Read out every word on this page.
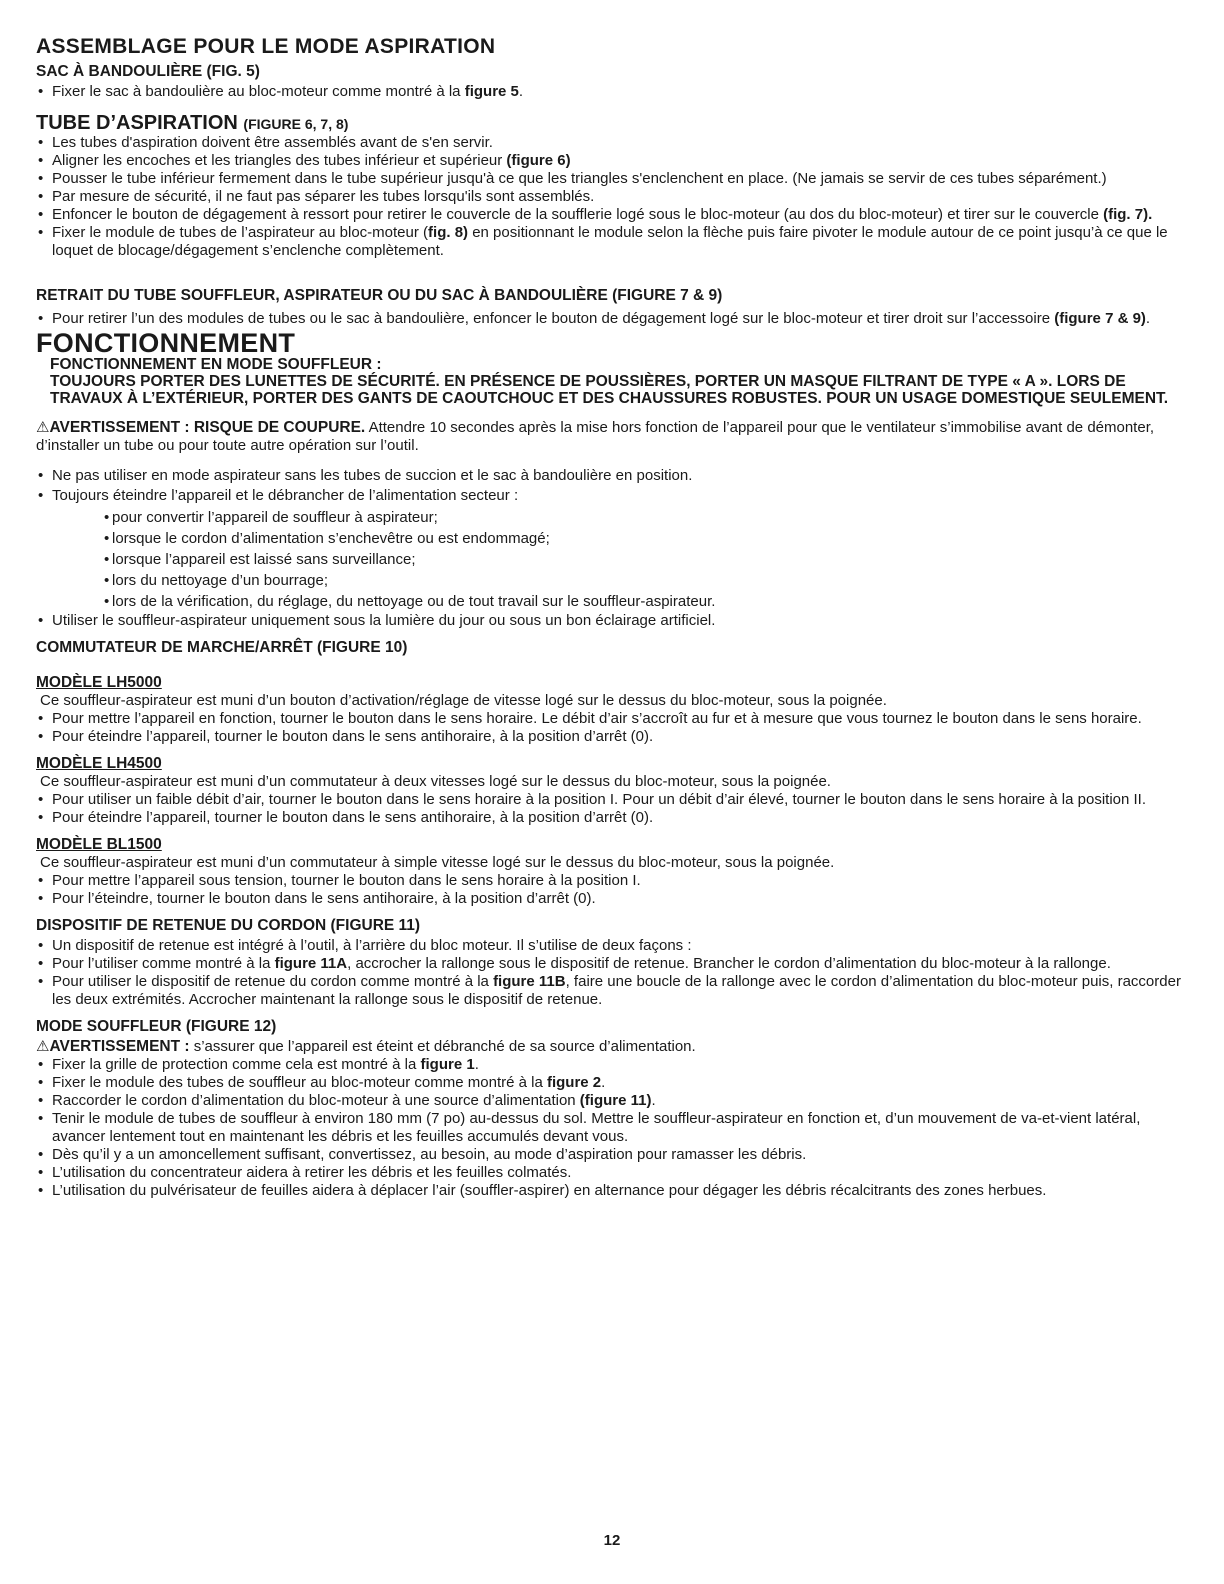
ASSEMBLAGE POUR LE MODE ASPIRATION
SAC À BANDOULIÈRE (FIG. 5)
• Fixer le sac à bandoulière au bloc-moteur comme montré à la figure 5.
TUBE D’ASPIRATION (FIGURE 6, 7, 8)
• Les tubes d'aspiration doivent être assemblés avant de s'en servir.
• Aligner les encoches et les triangles des tubes inférieur et supérieur (figure 6)
• Pousser le tube inférieur fermement dans le tube supérieur jusqu'à ce que les triangles s'enclenchent en place. (Ne jamais se servir de ces tubes séparément.)
• Par mesure de sécurité, il ne faut pas séparer les tubes lorsqu'ils sont assemblés.
• Enfoncer le bouton de dégagement à ressort pour retirer le couvercle de la soufflerie logé sous le bloc-moteur (au dos du bloc-moteur) et tirer sur le couvercle (fig. 7).
• Fixer le module de tubes de l’aspirateur au bloc-moteur (fig. 8) en positionnant le module selon la flèche puis faire pivoter le module autour de ce point jusqu’à ce que le loquet de blocage/dégagement s’enclenche complètement.
RETRAIT DU TUBE SOUFFLEUR, ASPIRATEUR OU DU SAC À BANDOULIÈRE (FIGURE 7 & 9)
• Pour retirer l’un des modules de tubes ou le sac à bandoulière, enfoncer le bouton de dégagement logé sur le bloc-moteur et tirer droit sur l’accessoire (figure 7 & 9).
FONCTIONNEMENT
FONCTIONNEMENT EN MODE SOUFFLEUR :
TOUJOURS PORTER DES LUNETTES DE SÉCURITÉ. EN PRÉSENCE DE POUSSIÈRES, PORTER UN MASQUE FILTRANT DE TYPE « A ». LORS DE TRAVAUX À L’EXTÉRIEUR, PORTER DES GANTS DE CAOUTCHOUC ET DES CHAUSSURES ROBUSTES. POUR UN USAGE DOMESTIQUE SEULEMENT.
⚠AVERTISSEMENT : RISQUE DE COUPURE. Attendre 10 secondes après la mise hors fonction de l’appareil pour que le ventilateur s’immobilise avant de démonter, d’installer un tube ou pour toute autre opération sur l’outil.
• Ne pas utiliser en mode aspirateur sans les tubes de succion et le sac à bandoulière en position.
• Toujours éteindre l’appareil et le débrancher de l’alimentation secteur :
• pour convertir l’appareil de souffleur à aspirateur;
• lorsque le cordon d’alimentation s’enchevêtre ou est endommagé;
• lorsque l’appareil est laissé sans surveillance;
• lors du nettoyage d’un bourrage;
• lors de la vérification, du réglage, du nettoyage ou de tout travail sur le souffleur-aspirateur.
• Utiliser le souffleur-aspirateur uniquement sous la lumière du jour ou sous un bon éclairage artificiel.
COMMUTATEUR DE MARCHE/ARRÊT (FIGURE 10)
MODÈLE LH5000

Ce souffleur-aspirateur est muni d’un bouton d’activation/réglage de vitesse logé sur le dessus du bloc-moteur, sous la poignée.

• Pour mettre l’appareil en fonction, tourner le bouton dans le sens horaire. Le débit d’air s’accroît au fur et à mesure que vous tournez le bouton dans le sens horaire.
• Pour éteindre l’appareil, tourner le bouton dans le sens antihoraire, à la position d’arrêt (0).
MODÈLE LH4500

Ce souffleur-aspirateur est muni d’un commutateur à deux vitesses logé sur le dessus du bloc-moteur, sous la poignée.

• Pour utiliser un faible débit d’air, tourner le bouton dans le sens horaire à la position I. Pour un débit d’air élevé, tourner le bouton dans le sens horaire à la position II.
• Pour éteindre l’appareil, tourner le bouton dans le sens antihoraire, à la position d’arrêt (0).
MODÈLE BL1500

Ce souffleur-aspirateur est muni d’un commutateur à simple vitesse logé sur le dessus du bloc-moteur, sous la poignée.

• Pour mettre l’appareil sous tension, tourner le bouton dans le sens horaire à la position I.
• Pour l’éteindre, tourner le bouton dans le sens antihoraire, à la position d’arrêt (0).
DISPOSITIF DE RETENUE DU CORDON (FIGURE 11)
• Un dispositif de retenue est intégré à l’outil, à l’arrière du bloc moteur. Il s’utilise de deux façons :
• Pour l’utiliser comme montré à la figure 11A, accrocher la rallonge sous le dispositif de retenue. Brancher le cordon d’alimentation du bloc-moteur à la rallonge.
• Pour utiliser le dispositif de retenue du cordon comme montré à la figure 11B, faire une boucle de la rallonge avec le cordon d’alimentation du bloc-moteur puis, raccorder les deux extrémités. Accrocher maintenant la rallonge sous le dispositif de retenue.
MODE SOUFFLEUR (FIGURE 12)
⚠AVERTISSEMENT : s’assurer que l’appareil est éteint et débranché de sa source d’alimentation.
• Fixer la grille de protection comme cela est montré à la figure 1.
• Fixer le module des tubes de souffleur au bloc-moteur comme montré à la figure 2.
• Raccorder le cordon d’alimentation du bloc-moteur à une source d’alimentation (figure 11).
• Tenir le module de tubes de souffleur à environ 180 mm (7 po) au-dessus du sol. Mettre le souffleur-aspirateur en fonction et, d’un mouvement de va-et-vient latéral, avancer lentement tout en maintenant les débris et les feuilles accumulés devant vous.
• Dès qu’il y a un amoncellement suffisant, convertissez, au besoin, au mode d’aspiration pour ramasser les débris.
• L’utilisation du concentrateur aidera à retirer les débris et les feuilles colmatés.
• L’utilisation du pulvérisateur de feuilles aidera à déplacer l’air (souffler-aspirer) en alternance pour dégager les débris récalcitrants des zones herbues.
12
